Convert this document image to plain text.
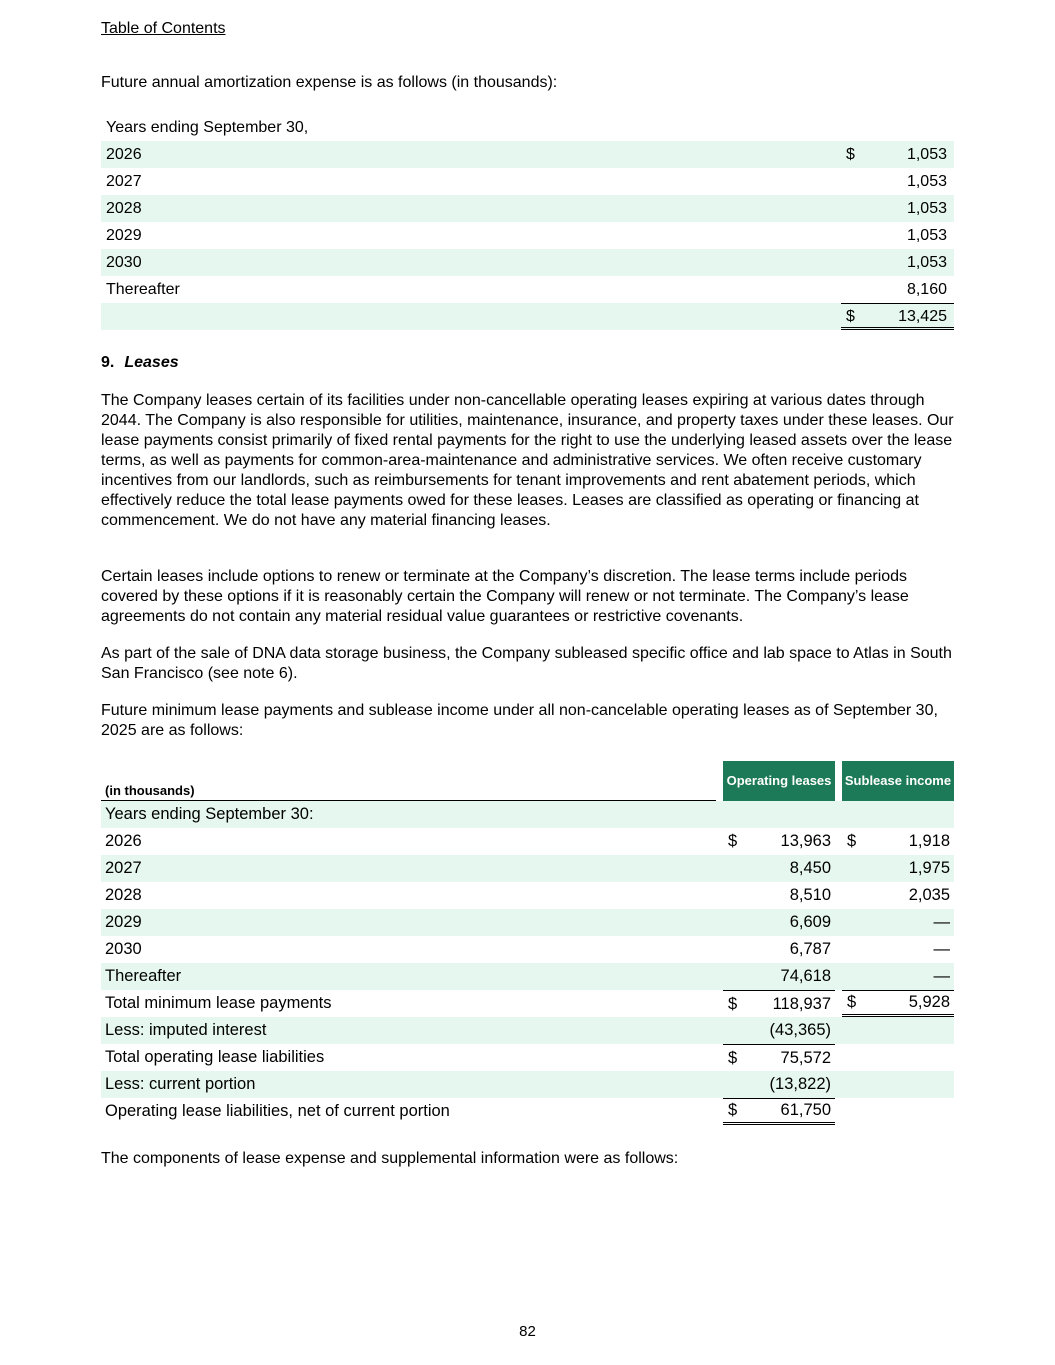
Table of Contents

Future annual amortization expense is as follows (in thousands):

Years ending September 30,
2026	$	1,053
2027	1,053
2028	1,053
2029	1,053
2030	1,053
Thereafter	8,160
$	13,425

9. Leases

The Company leases certain of its facilities under non-cancellable operating leases expiring at various dates through 2044. The Company is also responsible for utilities, maintenance, insurance, and property taxes under these leases. Our lease payments consist primarily of fixed rental payments for the right to use the underlying leased assets over the lease terms, as well as payments for common-area-maintenance and administrative services. We often receive customary incentives from our landlords, such as reimbursements for tenant improvements and rent abatement periods, which effectively reduce the total lease payments owed for these leases. Leases are classified as operating or financing at commencement. We do not have any material financing leases.

Certain leases include options to renew or terminate at the Company’s discretion. The lease terms include periods covered by these options if it is reasonably certain the Company will renew or not terminate. The Company’s lease agreements do not contain any material residual value guarantees or restrictive covenants.

As part of the sale of DNA data storage business, the Company subleased specific office and lab space to Atlas in South San Francisco (see note 6).

Future minimum lease payments and sublease income under all non-cancelable operating leases as of September 30, 2025 are as follows:

(in thousands)
Operating leases Sublease income
Years ending September 30:
2026	$	13,963 $	1,918
2027	8,450	1,975
2028	8,510	2,035
2029	6,609	—
2030	6,787	—
Thereafter	74,618	—
Total minimum lease payments	$ 118,937 $	5,928
Less: imputed interest	(43,365)
Total operating lease liabilities	$	75,572
Less: current portion	(13,822)
Operating lease liabilities, net of current portion	$	61,750

The components of lease expense and supplemental information were as follows:

82
